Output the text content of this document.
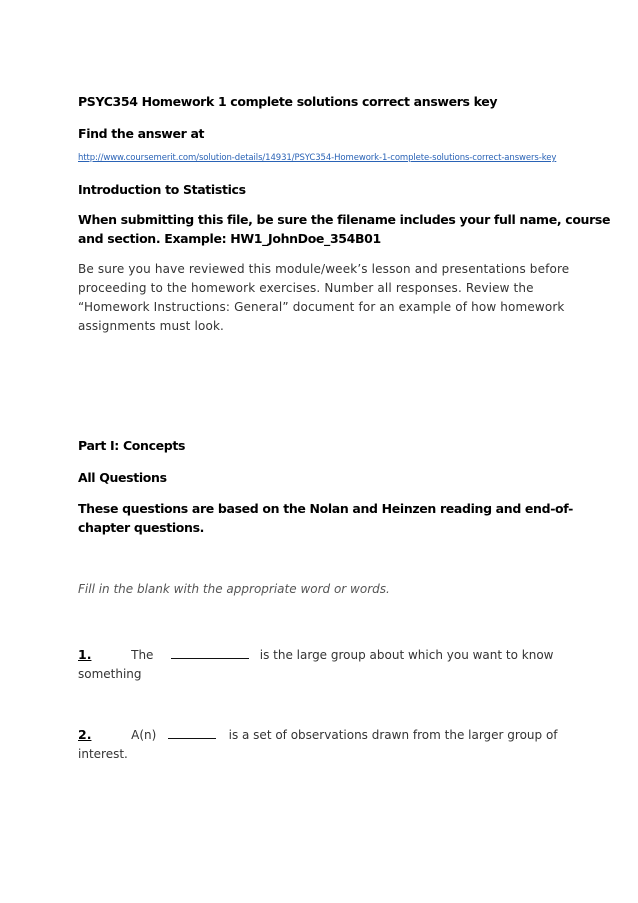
PSYC354 Homework 1 complete solutions correct answers key
Find the answer at
http://www.coursemerit.com/solution-details/14931/PSYC354-Homework-1-complete-solutions-correct-answers-key
Introduction to Statistics
When submitting this file, be sure the filename includes your full name, course
and section. Example: HW1_JohnDoe_354B01
Be sure you have reviewed this module/week’s lesson and presentations before
proceeding to the homework exercises. Number all responses. Review the
“Homework Instructions: General” document for an example of how homework
assignments must look.
Part I: Concepts
All Questions
These questions are based on the Nolan and Heinzen reading and end-of-
chapter questions.
Fill in the blank with the appropriate word or words.
1.	The	is the large group about which you want to know
something
2.	A(n)	is a set of observations drawn from the larger group of
interest.
